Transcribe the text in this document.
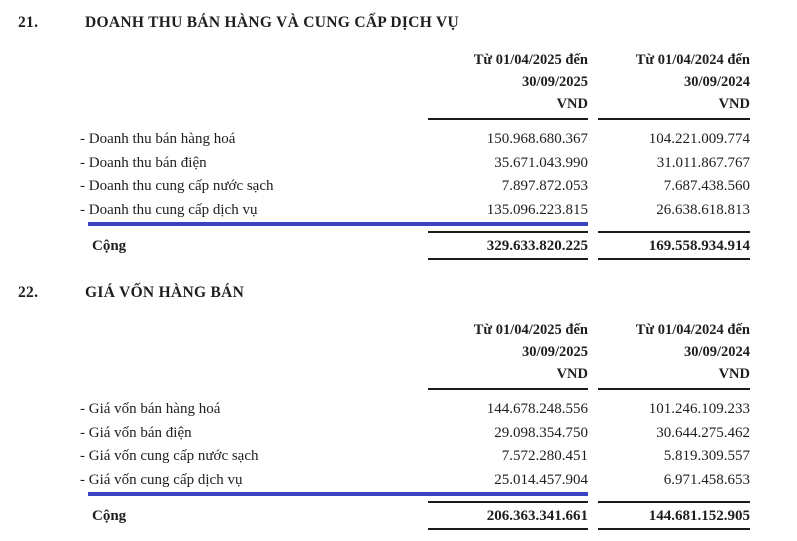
21.	DOANH THU BÁN HÀNG VÀ CUNG CẤP DỊCH VỤ
Từ 01/04/2025 đến
30/09/2025
VND
Từ 01/04/2024 đến
30/09/2024
VND
- Doanh thu bán hàng hoá	150.968.680.367	104.221.009.774
- Doanh thu bán điện	35.671.043.990	31.011.867.767
- Doanh thu cung cấp nước sạch	7.897.872.053	7.687.438.560
- Doanh thu cung cấp dịch vụ	135.096.223.815	26.638.618.813
Cộng	329.633.820.225	169.558.934.914
22.	GIÁ VỐN HÀNG BÁN
Từ 01/04/2025 đến
30/09/2025
VND
Từ 01/04/2024 đến
30/09/2024
VND
- Giá vốn bán hàng hoá	144.678.248.556	101.246.109.233
- Giá vốn bán điện	29.098.354.750	30.644.275.462
- Giá vốn cung cấp nước sạch	7.572.280.451	5.819.309.557
- Giá vốn cung cấp dịch vụ	25.014.457.904	6.971.458.653
Cộng	206.363.341.661	144.681.152.905
